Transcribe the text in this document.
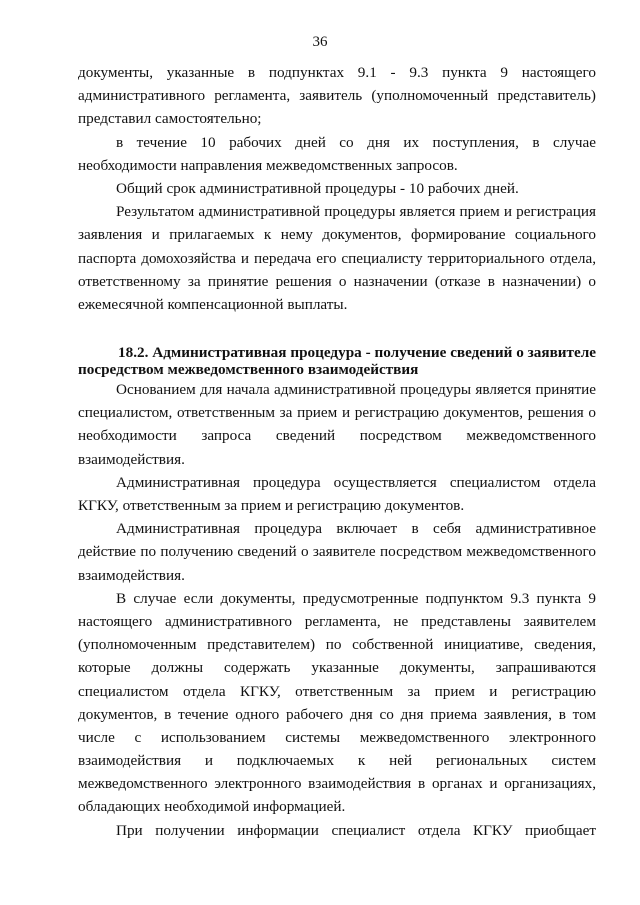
36
документы, указанные в подпунктах 9.1 - 9.3 пункта 9 настоящего
административного регламента, заявитель (уполномоченный представитель)
представил самостоятельно;
в течение 10 рабочих дней со дня их поступления, в случае
необходимости направления межведомственных запросов.
Общий срок административной процедуры - 10 рабочих дней.
Результатом административной процедуры является прием и регистрация
заявления и прилагаемых к нему документов, формирование социального
паспорта домохозяйства и передача его специалисту территориального отдела,
ответственному за принятие решения о назначении (отказе в назначении) о
ежемесячной компенсационной выплаты.
18.2. Административная процедура - получение сведений о заявителе
посредством межведомственного взаимодействия
Основанием для начала административной процедуры является принятие
специалистом, ответственным за прием и регистрацию документов, решения о
необходимости запроса сведений посредством межведомственного
взаимодействия.
Административная процедура осуществляется специалистом отдела
КГКУ, ответственным за прием и регистрацию документов.
Административная процедура включает в себя административное
действие по получению сведений о заявителе посредством межведомственного
взаимодействия.
В случае если документы, предусмотренные подпунктом 9.3 пункта 9
настоящего административного регламента, не представлены заявителем
(уполномоченным представителем) по собственной инициативе, сведения,
которые должны содержать указанные документы, запрашиваются
специалистом отдела КГКУ, ответственным за прием и регистрацию
документов, в течение одного рабочего дня со дня приема заявления, в том
числе с использованием системы межведомственного электронного
взаимодействия и подключаемых к ней региональных систем
межведомственного электронного взаимодействия в органах и организациях,
обладающих необходимой информацией.
При получении информации специалист отдела КГКУ приобщает
